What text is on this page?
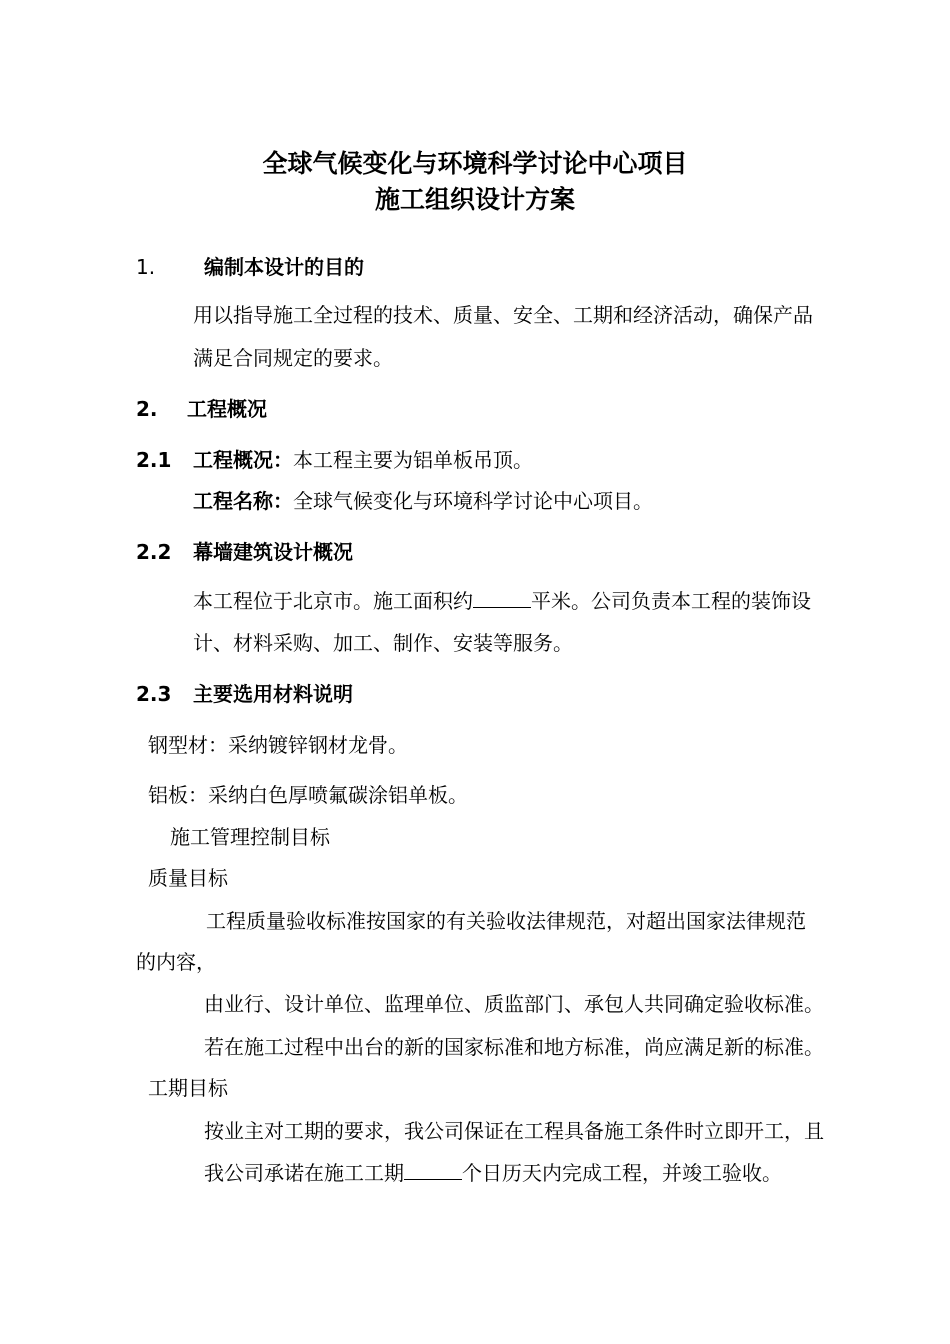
全球气候变化与环境科学讨论中心项目
施工组织设计方案
1. 编制本设计的目的
用以指导施工全过程的技术、质量、安全、工期和经济活动，确保产品
满足合同规定的要求。
2. 工程概况
2.1 工程概况：本工程主要为铝单板吊顶。
工程名称：全球气候变化与环境科学讨论中心项目。
2.2 幕墙建筑设计概况
本工程位于北京市。施工面积约	平米。公司负责本工程的装饰设
计、材料采购、加工、制作、安装等服务。
2.3 主要选用材料说明
钢型材：采纳镀锌钢材龙骨。
铝板：采纳白色厚喷氟碳涂铝单板。
施工管理控制目标
质量目标
工程质量验收标准按国家的有关验收法律规范，对超出国家法律规范
的内容，
由业行、设计单位、监理单位、质监部门、承包人共同确定验收标准。
若在施工过程中出台的新的国家标准和地方标准，尚应满足新的标准。
工期目标
按业主对工期的要求，我公司保证在工程具备施工条件时立即开工，且
我公司承诺在施工工期	个日历天内完成工程，并竣工验收。
